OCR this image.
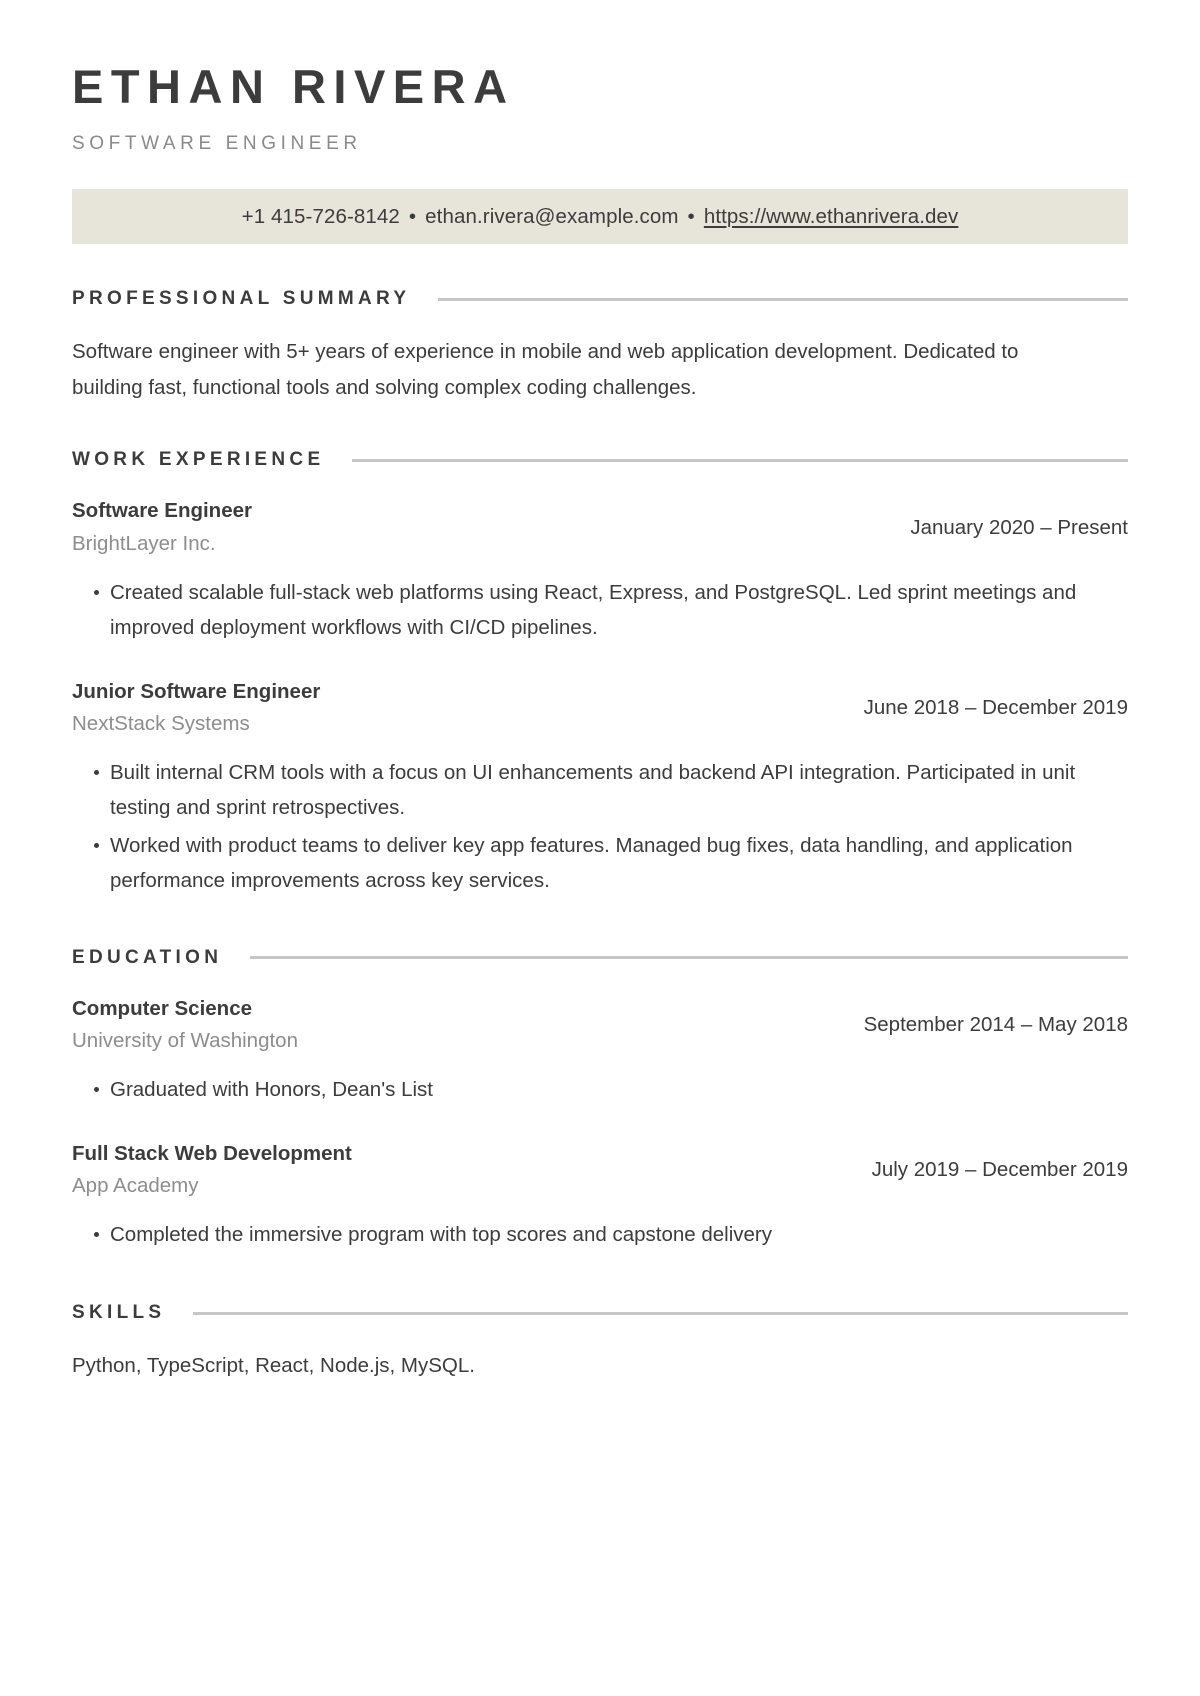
ETHAN RIVERA
SOFTWARE ENGINEER
+1 415-726-8142 • ethan.rivera@example.com • https://www.ethanrivera.dev
PROFESSIONAL SUMMARY
Software engineer with 5+ years of experience in mobile and web application development. Dedicated to building fast, functional tools and solving complex coding challenges.
WORK EXPERIENCE
Software Engineer
BrightLayer Inc.
January 2020 – Present
Created scalable full-stack web platforms using React, Express, and PostgreSQL. Led sprint meetings and improved deployment workflows with CI/CD pipelines.
Junior Software Engineer
NextStack Systems
June 2018 – December 2019
Built internal CRM tools with a focus on UI enhancements and backend API integration. Participated in unit testing and sprint retrospectives.
Worked with product teams to deliver key app features. Managed bug fixes, data handling, and application performance improvements across key services.
EDUCATION
Computer Science
University of Washington
September 2014 – May 2018
Graduated with Honors, Dean's List
Full Stack Web Development
App Academy
July 2019 – December 2019
Completed the immersive program with top scores and capstone delivery
SKILLS
Python, TypeScript, React, Node.js, MySQL.
